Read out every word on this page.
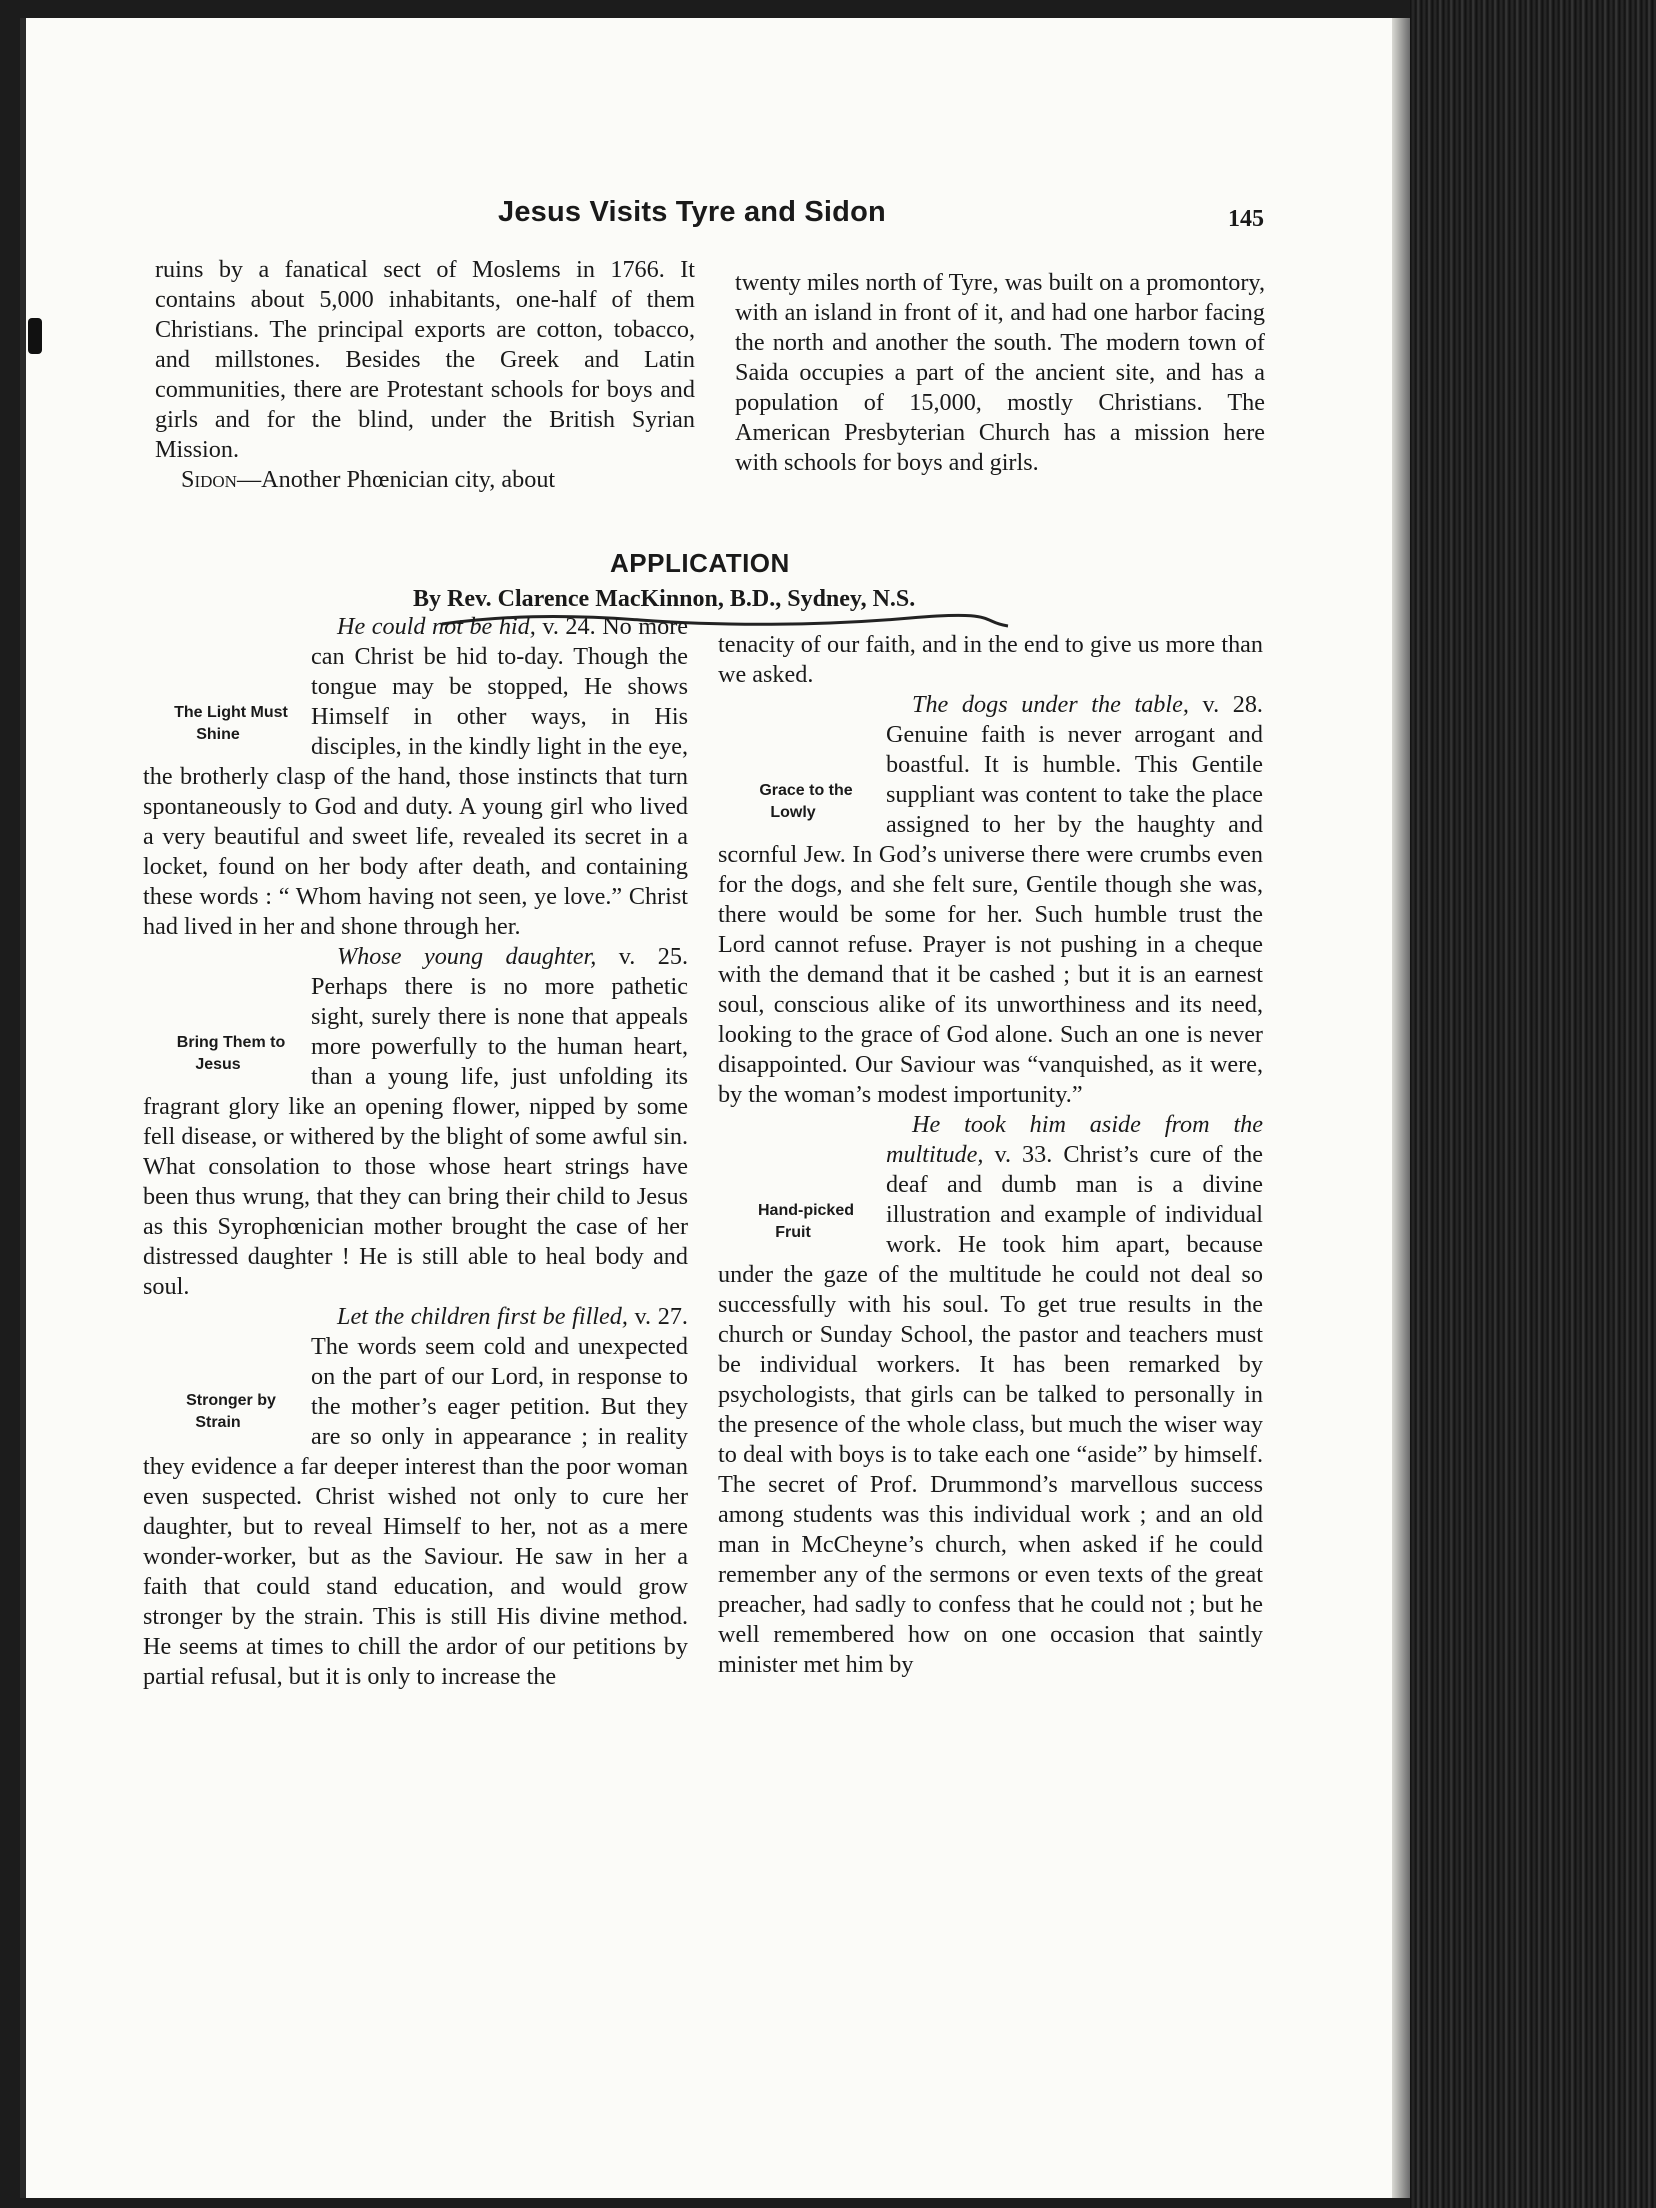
Jesus Visits Tyre and Sidon	145

ruins by a fanatical sect of Moslems in 1766. It contains about 5,000 inhabitants, one-half of them Christians. The principal exports are cotton, tobacco, and millstones. Besides the Greek and Latin communities, there are Protestant schools for boys and girls and for the blind, under the British Syrian Mission.

Sidon—Another Phœnician city, about

twenty miles north of Tyre, was built on a promontory, with an island in front of it, and had one harbor facing the north and another the south. The modern town of Saida occupies a part of the ancient site, and has a population of 15,000, mostly Christians. The American Presbyterian Church has a mission here with schools for boys and girls.

APPLICATION
By Rev. Clarence MacKinnon, B.D., Sydney, N.S.

The Light Must Shine
He could not be hid, v. 24. No more can Christ be hid to-day. Though the tongue may be stopped, He shows Himself in other ways, in His disciples, in the kindly light in the eye, the brotherly clasp of the hand, those instincts that turn spontaneously to God and duty. A young girl who lived a very beautiful and sweet life, revealed its secret in a locket, found on her body after death, and containing these words : “ Whom having not seen, ye love.” Christ had lived in her and shone through her.

Bring Them to Jesus
Whose young daughter, v. 25. Perhaps there is no more pathetic sight, surely there is none that appeals more powerfully to the human heart, than a young life, just unfolding its fragrant glory like an opening flower, nipped by some fell disease, or withered by the blight of some awful sin. What consolation to those whose heart strings have been thus wrung, that they can bring their child to Jesus as this Syrophœnician mother brought the case of her distressed daughter ! He is still able to heal body and soul.

Stronger by Strain
Let the children first be filled, v. 27. The words seem cold and unexpected on the part of our Lord, in response to the mother’s eager petition. But they are so only in appearance ; in reality they evidence a far deeper interest than the poor woman even suspected. Christ wished not only to cure her daughter, but to reveal Himself to her, not as a mere wonder-worker, but as the Saviour. He saw in her a faith that could stand education, and would grow stronger by the strain. This is still His divine method. He seems at times to chill the ardor of our petitions by partial refusal, but it is only to increase the

tenacity of our faith, and in the end to give us more than we asked.

Grace to the Lowly
The dogs under the table, v. 28. Genuine faith is never arrogant and boastful. It is humble. This Gentile suppliant was content to take the place assigned to her by the haughty and scornful Jew. In God’s universe there were crumbs even for the dogs, and she felt sure, Gentile though she was, there would be some for her. Such humble trust the Lord cannot refuse. Prayer is not pushing in a cheque with the demand that it be cashed ; but it is an earnest soul, conscious alike of its unworthiness and its need, looking to the grace of God alone. Such an one is never disappointed. Our Saviour was “vanquished, as it were, by the woman’s modest importunity.”

Hand-picked Fruit
He took him aside from the multitude, v. 33. Christ’s cure of the deaf and dumb man is a divine illustration and example of individual work. He took him apart, because under the gaze of the multitude he could not deal so successfully with his soul. To get true results in the church or Sunday School, the pastor and teachers must be individual workers. It has been remarked by psychologists, that girls can be talked to personally in the presence of the whole class, but much the wiser way to deal with boys is to take each one “aside” by himself. The secret of Prof. Drummond’s marvellous success among students was this individual work ; and an old man in McCheyne’s church, when asked if he could remember any of the sermons or even texts of the great preacher, had sadly to confess that he could not ; but he well remembered how on one occasion that saintly minister met him by
